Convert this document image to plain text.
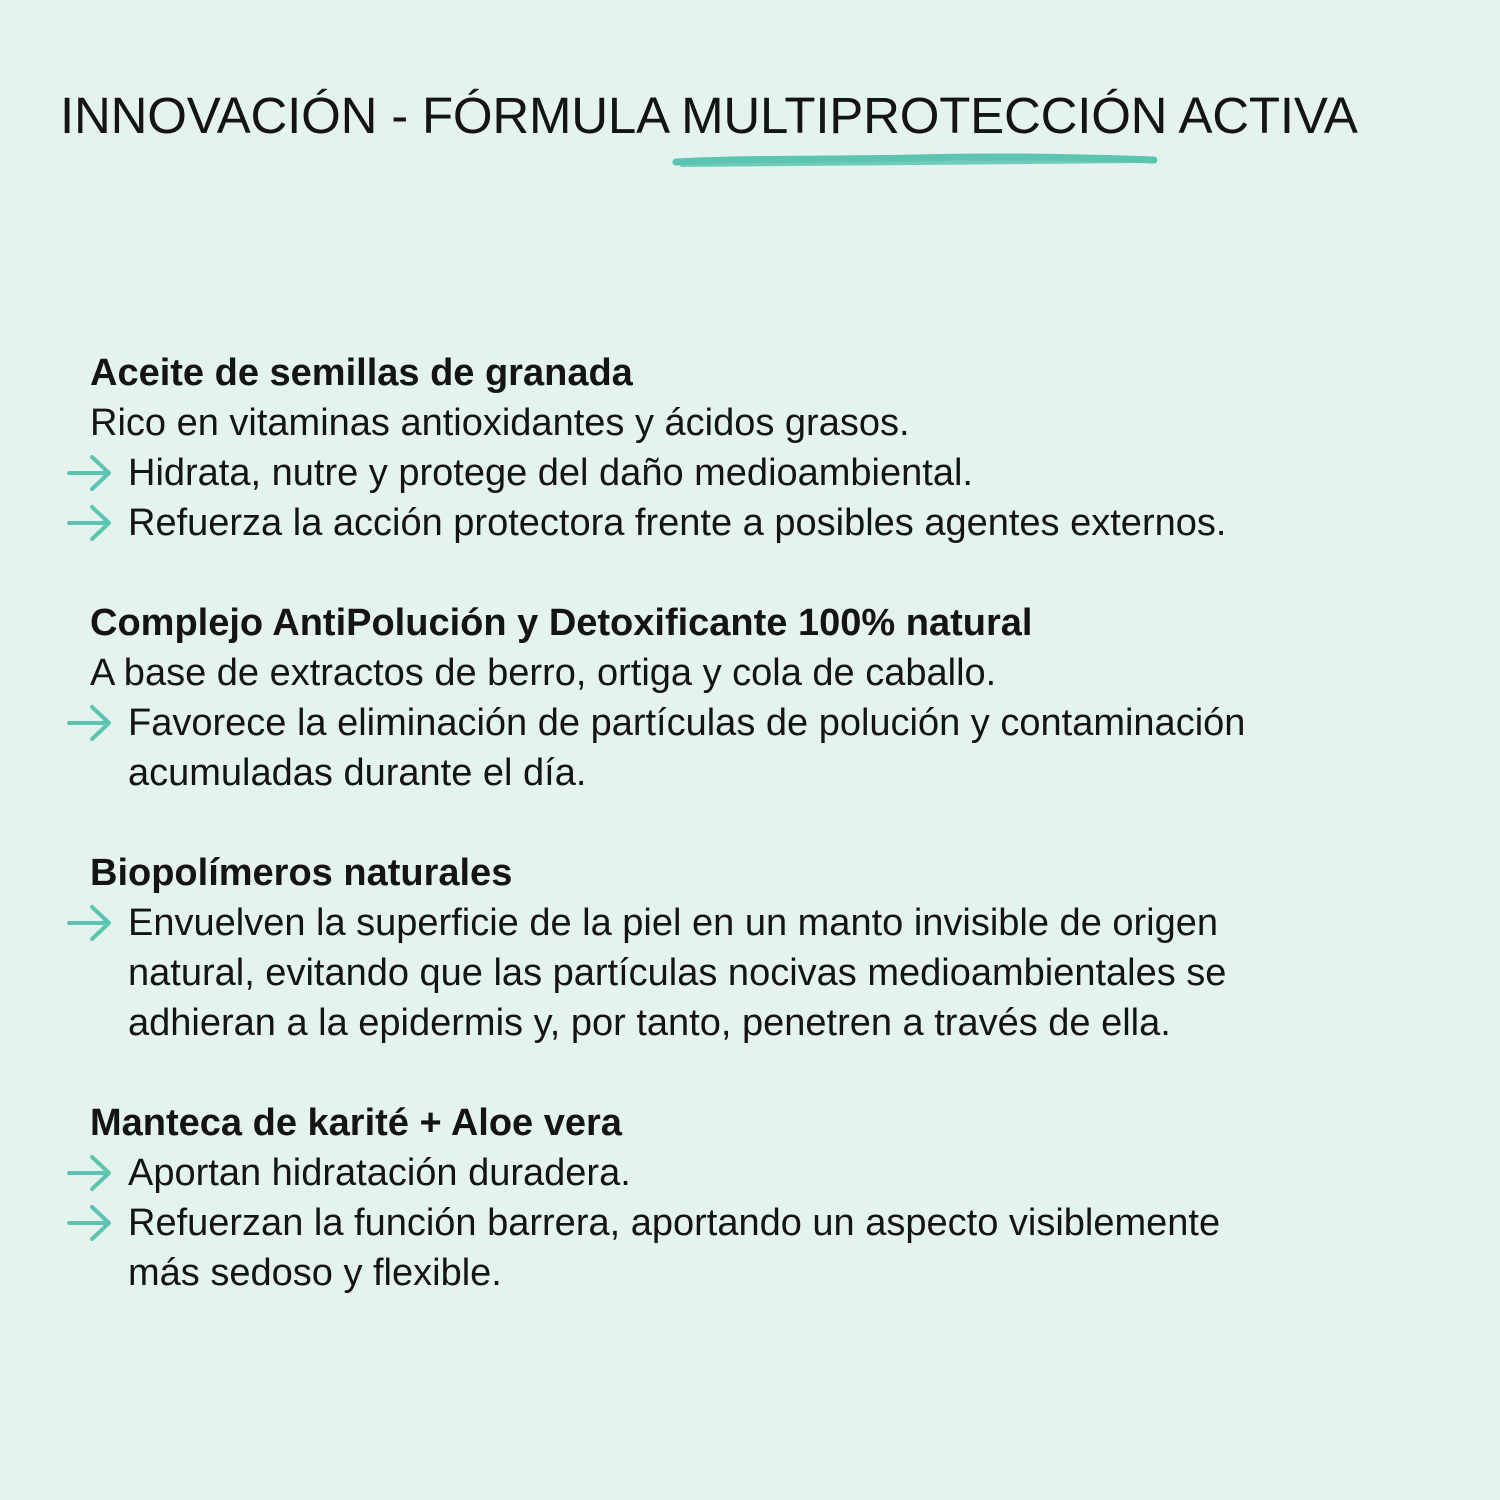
INNOVACIÓN - FÓRMULA MULTIPROTECCIÓN ACTIVA

Aceite de semillas de granada

Rico en vitaminas antioxidantes y ácidos grasos.

Hidrata, nutre y protege del daño medioambiental.
Refuerza la acción protectora frente a posibles agentes externos.

Complejo AntiPolución y Detoxificante 100% natural

A base de extractos de berro, ortiga y cola de caballo.

Favorece la eliminación de partículas de polución y contaminación
acumuladas durante el día.

Biopolímeros naturales

Envuelven la superficie de la piel en un manto invisible de origen
natural, evitando que las partículas nocivas medioambientales se
adhieran a la epidermis y, por tanto, penetren a través de ella.

Manteca de karité + Aloe vera

Aportan hidratación duradera.
Refuerzan la función barrera, aportando un aspecto visiblemente
más sedoso y flexible.
